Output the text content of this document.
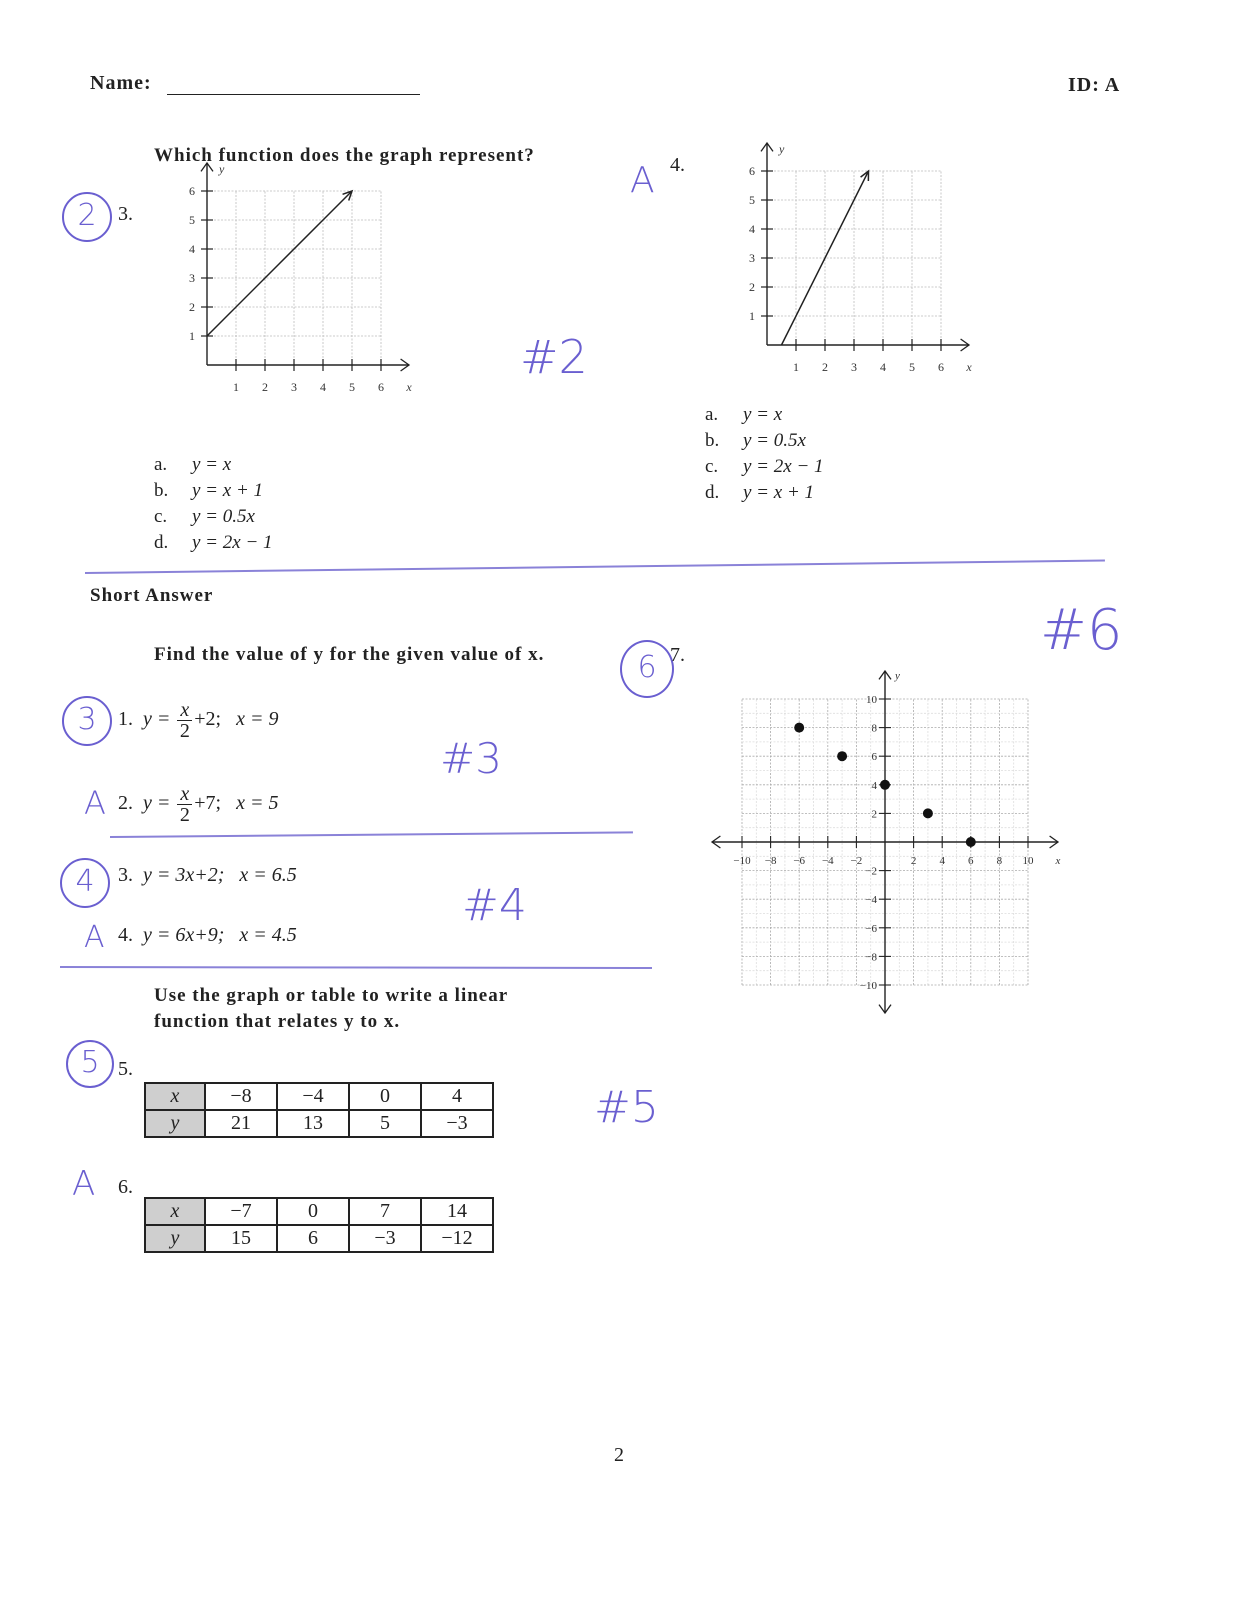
Name:	ID: A
Which function does the graph represent?
2	3.
1 2 3 4 5 6
1
2
3
4
5
6
x
y
a. y = x
b. y = x + 1
c. y = 0.5x
d. y = 2x − 1
A 4.
1 2 3 4 5 6
1
2
3
4
5
6
x
y
a. y = x
b. y = 0.5x
c. y = 2x − 1
d. y = x + 1
#2
Short Answer
Find the value of y for the given value of x.
3	1. $y = \frac{x}{2} +2$; x = 9
#3
A 2. $y = \frac{x}{2} +7$; x = 5
4	3. y = 3x+2; x = 6.5
#4
A 4. y = 6x+9; x = 4.5
Use the graph or table to write a linear
function that relates y to x.
5 5.
x	−8	−4	0	4
y	21	13	5	−3	#5
A 6.
x	−7	0	7	14
y	15	6	−3	−12
6 7.	#6
−10 −8 −6 −4 −2	2 4 6 8 10
10
8
6
4
2
−2
−4
−6
−8
−10
x
y
2
